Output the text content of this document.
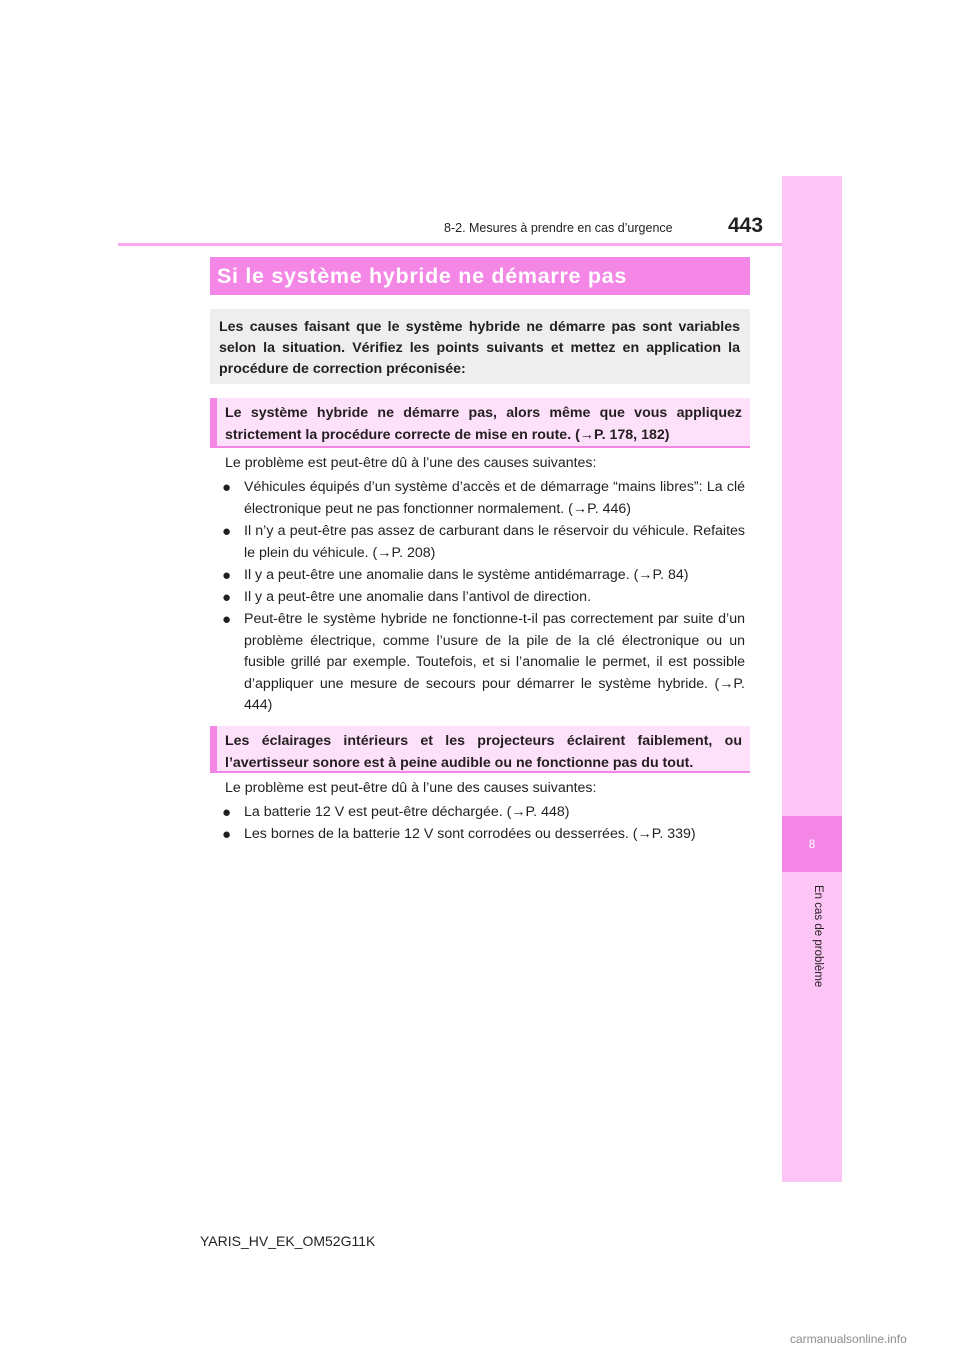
8
En cas de problème
8-2. Mesures à prendre en cas d’urgence	443
Si le système hybride ne démarre pas
Les causes faisant que le système hybride ne démarre pas sont variables selon la situation. Vérifiez les points suivants et mettez en application la procédure de correction préconisée:
Le système hybride ne démarre pas, alors même que vous appliquez strictement la procédure correcte de mise en route. (→P. 178, 182)
Le problème est peut-être dû à l’une des causes suivantes:
● Véhicules équipés d’un système d’accès et de démarrage “mains libres”: La clé électronique peut ne pas fonctionner normalement. (→P. 446)
● Il n’y a peut-être pas assez de carburant dans le réservoir du véhicule. Refaites le plein du véhicule. (→P. 208)
● Il y a peut-être une anomalie dans le système antidémarrage. (→P. 84)
● Il y a peut-être une anomalie dans l’antivol de direction.
● Peut-être le système hybride ne fonctionne-t-il pas correctement par suite d’un problème électrique, comme l’usure de la pile de la clé électronique ou un fusible grillé par exemple. Toutefois, et si l’anomalie le permet, il est possible d’appliquer une mesure de secours pour démarrer le système hybride. (→P. 444)
Les éclairages intérieurs et les projecteurs éclairent faiblement, ou l’avertisseur sonore est à peine audible ou ne fonctionne pas du tout.
Le problème est peut-être dû à l’une des causes suivantes:
● La batterie 12 V est peut-être déchargée. (→P. 448)
● Les bornes de la batterie 12 V sont corrodées ou desserrées. (→P. 339)
YARIS_HV_EK_OM52G11K
carmanualsonline.info
